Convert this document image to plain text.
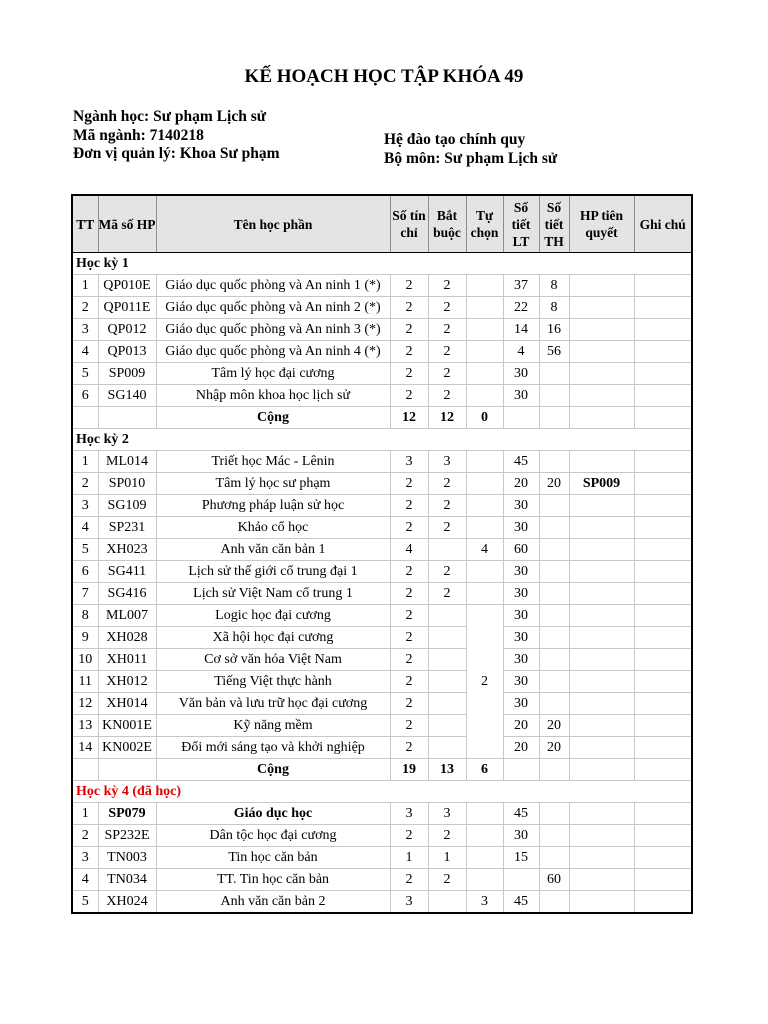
KẾ HOẠCH HỌC TẬP KHÓA 49
Ngành học: Sư phạm Lịch sử
Mã ngành: 7140218
Đơn vị quản lý: Khoa Sư phạm
Hệ đào tạo chính quy
Bộ môn: Sư phạm Lịch sử
TT	Mã số HP	Tên học phần	Số tín chỉ	Bắt buộc	Tự chọn	Số tiết LT	Số tiết TH	HP tiên quyết	Ghi chú
Học kỳ 1									
1	QP010E	Giáo dục quốc phòng và An ninh 1 (*)	2	2		37	8		
2	QP011E	Giáo dục quốc phòng và An ninh 2 (*)	2	2		22	8		
3	QP012	Giáo dục quốc phòng và An ninh 3 (*)	2	2		14	16		
4	QP013	Giáo dục quốc phòng và An ninh 4 (*)	2	2		4	56		
5	SP009	Tâm lý học đại cương	2	2		30			
6	SG140	Nhập môn khoa học lịch sử	2	2		30			
		Cộng	12	12	0				
Học kỳ 2									
1	ML014	Triết học Mác - Lênin	3	3		45			
2	SP010	Tâm lý học sư phạm	2	2		20	20	SP009	
3	SG109	Phương pháp luận sử học	2	2		30			
4	SP231	Khảo cổ học	2	2		30			
5	XH023	Anh văn căn bản 1	4		4	60			
6	SG411	Lịch sử thế giới cổ trung đại 1	2	2		30			
7	SG416	Lịch sử Việt Nam cổ trung 1	2	2		30			
8	ML007	Logic học đại cương	2		2	30			
9	XH028	Xã hội học đại cương	2			30			
10	XH011	Cơ sở văn hóa Việt Nam	2			30			
11	XH012	Tiếng Việt thực hành	2			30			
12	XH014	Văn bản và lưu trữ học đại cương	2			30			
13	KN001E	Kỹ năng mềm	2			20	20		
14	KN002E	Đổi mới sáng tạo và khởi nghiệp	2			20	20		
		Cộng	19	13	6				
Học kỳ 4 (đã học)									
1	SP079	Giáo dục học	3	3		45			
2	SP232E	Dân tộc học đại cương	2	2		30			
3	TN003	Tin học căn bản	1	1		15			
4	TN034	TT. Tin học căn bản	2	2			60		
5	XH024	Anh văn căn bản 2	3		3	45			
